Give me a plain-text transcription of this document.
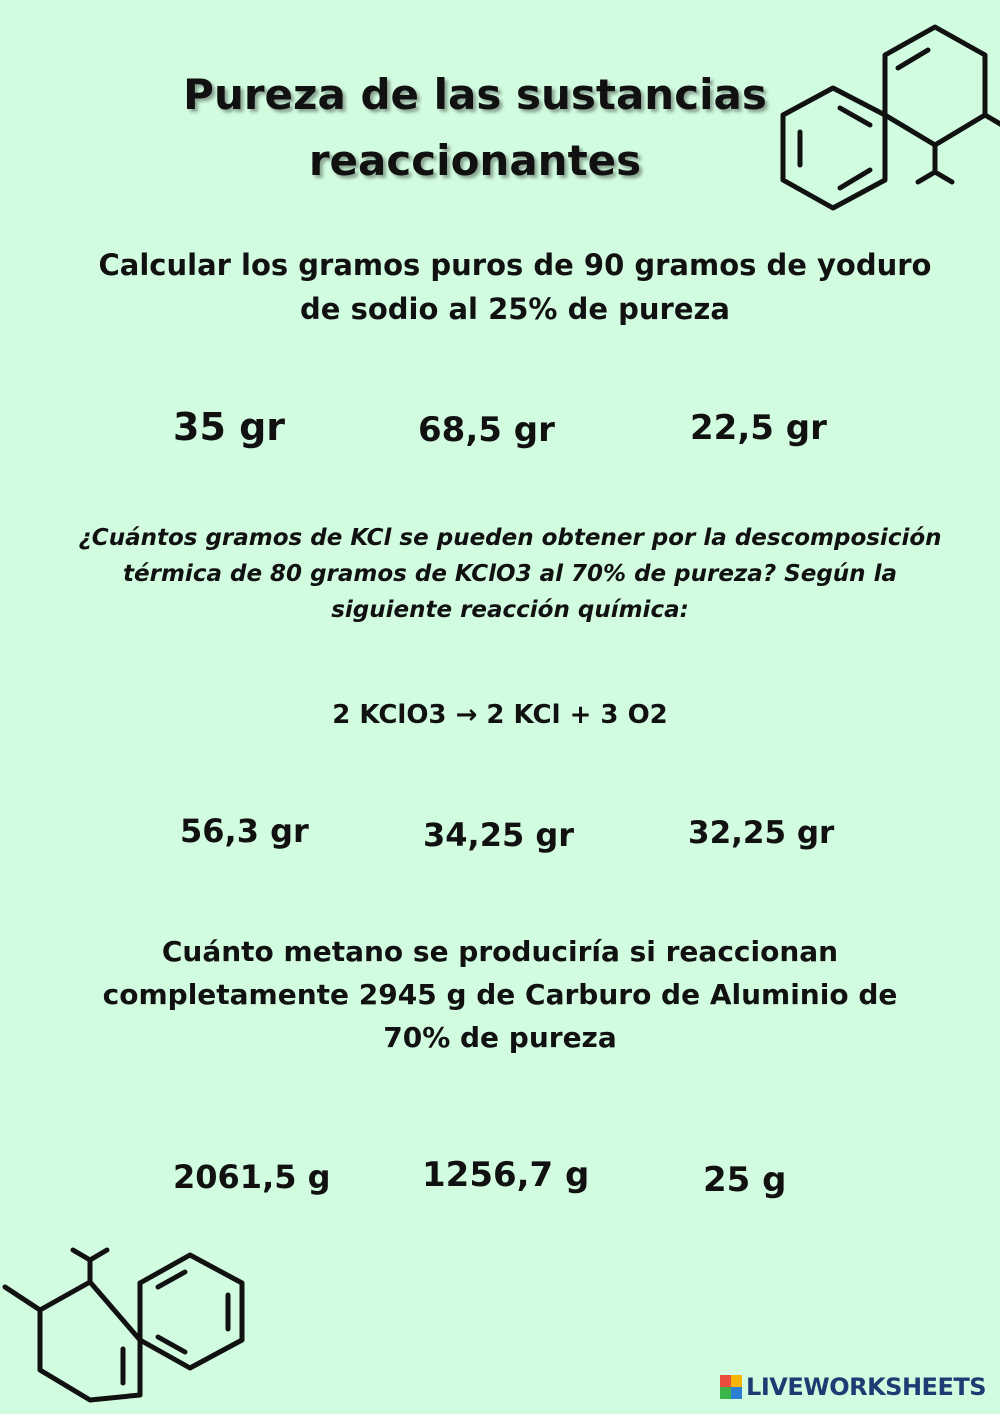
Pureza de las sustancias
reaccionantes
Calcular los gramos puros de 90 gramos de yoduro de sodio al 25% de pureza
35 gr	68,5 gr	22,5 gr
¿Cuántos gramos de KCl se pueden obtener por la descomposición térmica de 80 gramos de KClO3 al 70% de pureza? Según la siguiente reacción química:
2 KClO3 → 2 KCl + 3 O2
56,3 gr	34,25 gr	32,25 gr
Cuánto metano se produciría si reaccionan completamente 2945 g de Carburo de Aluminio de 70% de pureza
2061,5 g	1256,7 g	25 g
LIVEWORKSHEETS
